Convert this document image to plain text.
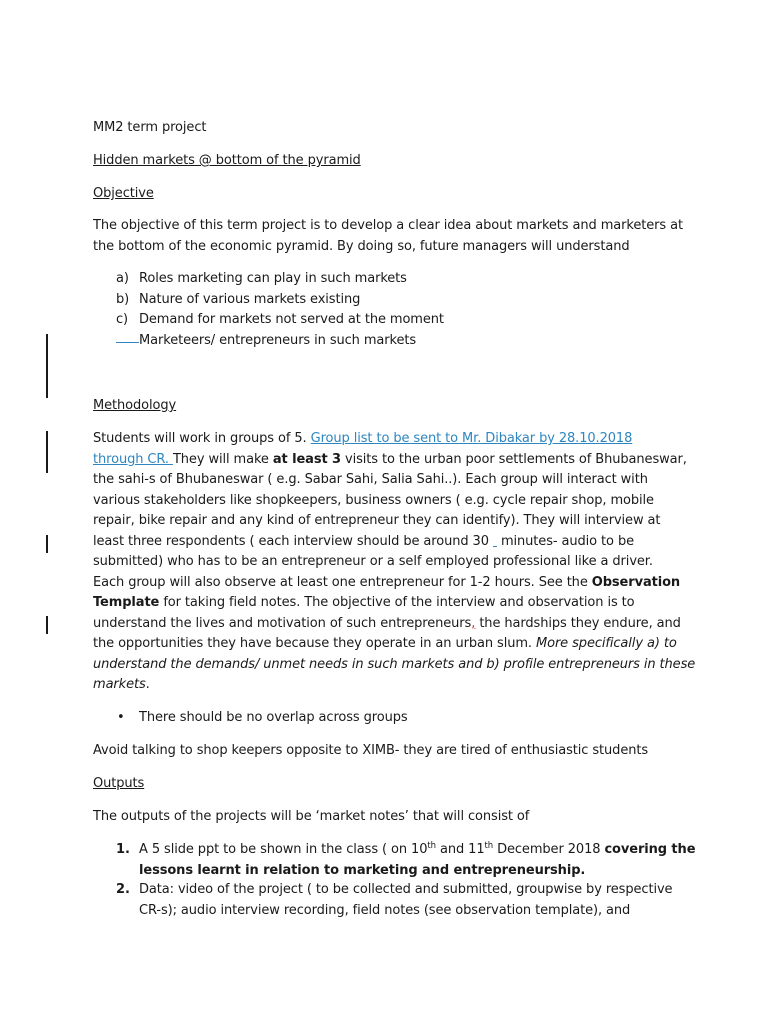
MM2 term project
Hidden markets @ bottom of the pyramid
Objective
The objective of this term project is to develop a clear idea about markets and marketers at
the bottom of the economic pyramid. By doing so, future managers will understand
a) Roles marketing can play in such markets
b) Nature of various markets existing
c) Demand for markets not served at the moment
Marketeers/ entrepreneurs in such markets
Methodology
Students will work in groups of 5. Group list to be sent to Mr. Dibakar by 28.10.2018
through CR. They will make at least 3 visits to the urban poor settlements of Bhubaneswar,
the sahi-s of Bhubaneswar ( e.g. Sabar Sahi, Salia Sahi..). Each group will interact with
various stakeholders like shopkeepers, business owners ( e.g. cycle repair shop, mobile
repair, bike repair and any kind of entrepreneur they can identify). They will interview at
least three respondents ( each interview should be around 30  minutes- audio to be
submitted) who has to be an entrepreneur or a self employed professional like a driver.
Each group will also observe at least one entrepreneur for 1-2 hours. See the Observation
Template for taking field notes. The objective of the interview and observation is to
understand the lives and motivation of such entrepreneurs, the hardships they endure, and
the opportunities they have because they operate in an urban slum. More specifically a) to
understand the demands/ unmet needs in such markets and b) profile entrepreneurs in these
markets.
• There should be no overlap across groups
Avoid talking to shop keepers opposite to XIMB- they are tired of enthusiastic students
Outputs
The outputs of the projects will be ‘market notes’ that will consist of
1. A 5 slide ppt to be shown in the class ( on 10th and 11th December 2018 covering the
lessons learnt in relation to marketing and entrepreneurship.
2. Data: video of the project ( to be collected and submitted, groupwise by respective
CR-s); audio interview recording, field notes (see observation template), and
